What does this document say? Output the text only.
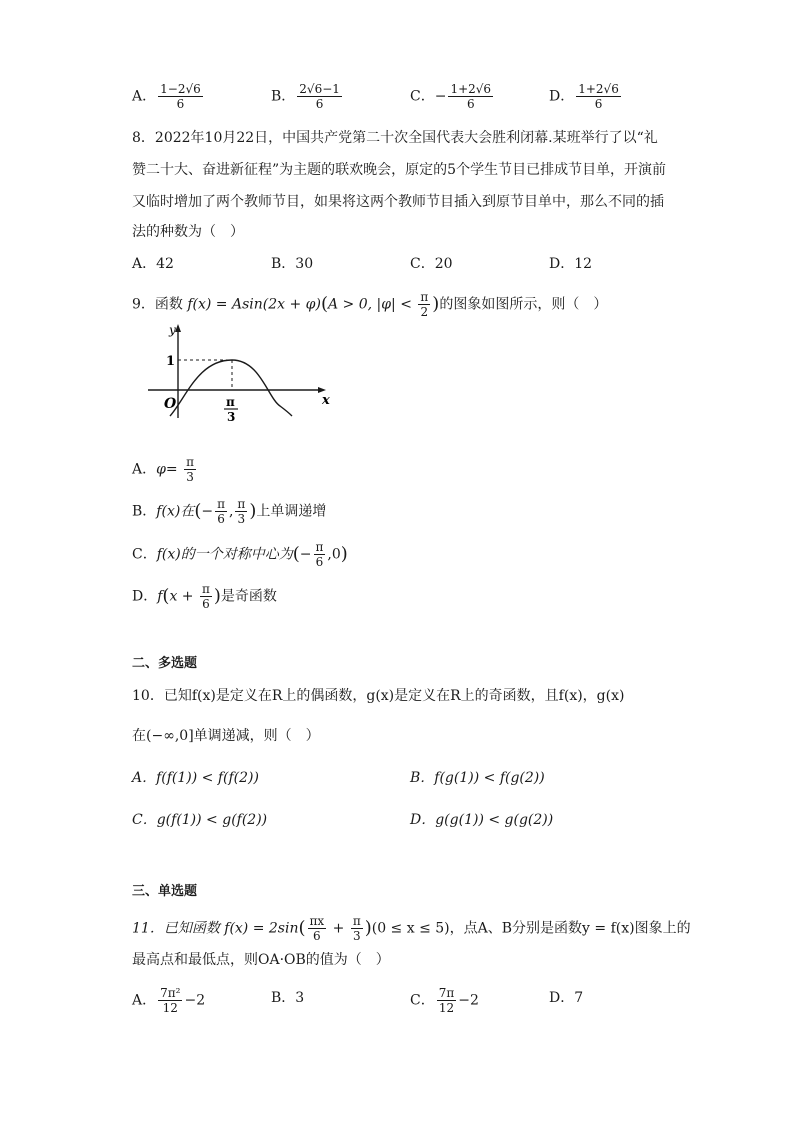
A． $\frac{1-2√6}{6}$	B． $\frac{2√6-1}{6}$	C．− $\frac{1+2√6}{6}$	D． $\frac{1+2√6}{6}$
8．2022年10月22日，中国共产党第二十次全国代表大会胜利闭幕.某班举行了以“礼
赞二十大、奋进新征程”为主题的联欢晚会，原定的5个学生节目已排成节目单，开演前
又临时增加了两个教师节目，如果将这两个教师节目插入到原节目单中，那么不同的插
法的种数为（　）
A．42	B．30	C．20	D．12
9．函数 f(x) = Asin(2x + φ)(A > 0, $|\varphi| < \frac{\pi}{2}$ )的图象如图所示，则（　）
y
x
O
1
π
3
A．$\varphi= \frac{\pi}{3}$
B．f(x)在(− $\frac{\pi}{6}$ , $\frac{\pi}{3}$ )上单调递增
C．f(x)的一个对称中心为(− $\frac{\pi}{6} ,0$)
D．$f(x + \frac{\pi}{6}$ )是奇函数
二、多选题
10．已知f(x)是定义在R上的偶函数，g(x)是定义在R上的奇函数，且f(x)，g(x)
在(−∞,0]单调递减，则（　）
A．f(f(1)) < f(f(2))	B．f(g(1)) < f(g(2))
C．g(f(1)) < g(f(2))	D．g(g(1)) < g(g(2))
三、单选题
11．已知函数 $f(x) = 2\sin( \frac{\pi x}{6} + \frac{\pi}{3} )(0 \le x \le 5)$，点A、B分别是函数y = f(x)图象上的
最高点和最低点，则OA·OB的值为（　）
A． $\frac{\text{7π²}}{12} -2$	B．3	C． $\frac{7\pi}{12} -2$	D．7
